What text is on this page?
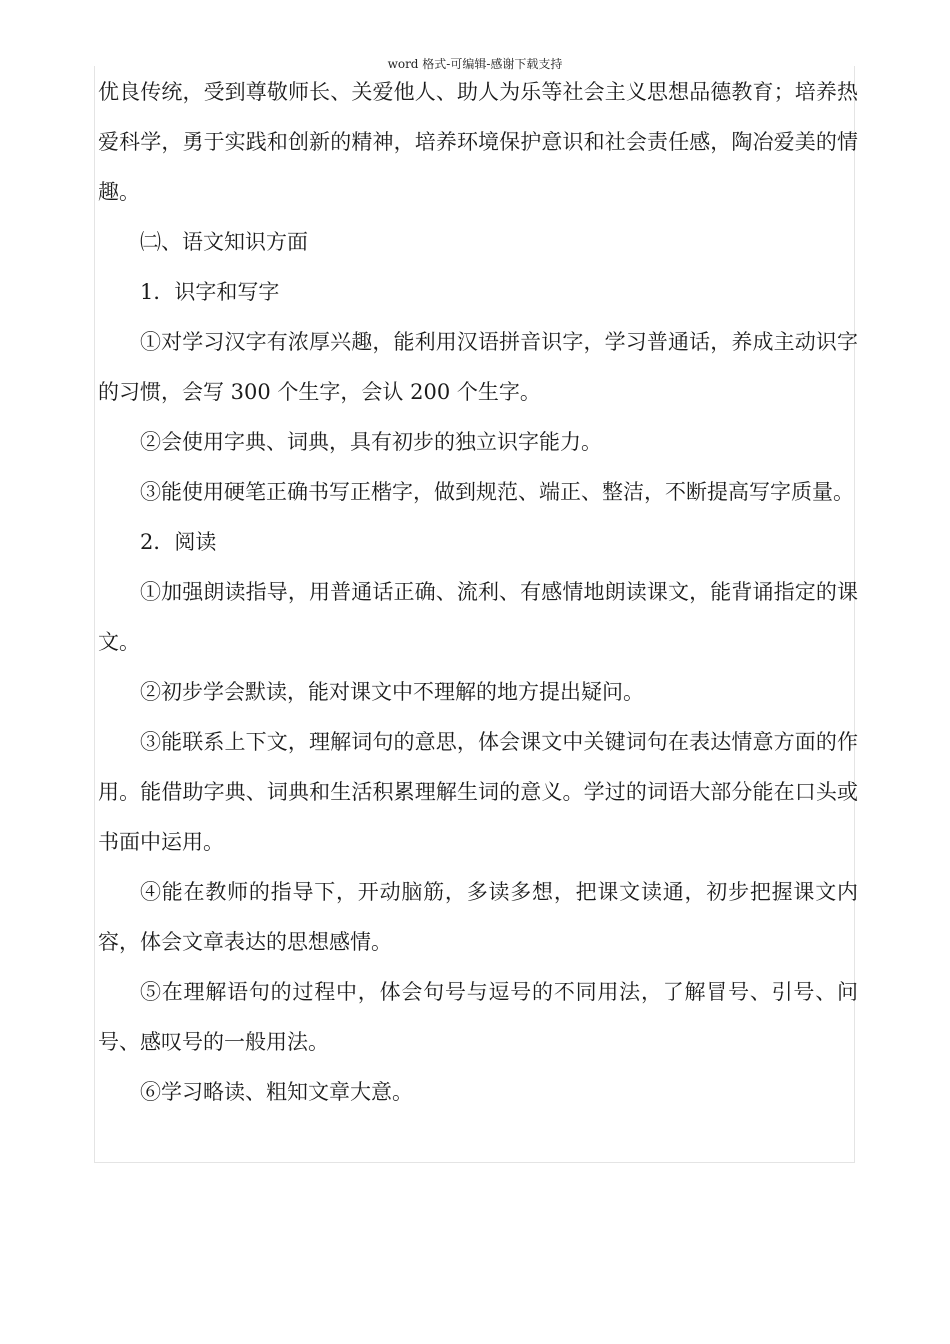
word 格式-可编辑-感谢下载支持

优良传统，受到尊敬师长、关爱他人、助人为乐等社会主义思想品德教育；培养热爱科学，勇于实践和创新的精神，培养环境保护意识和社会责任感，陶冶爱美的情趣。

㈡、语文知识方面

1．识字和写字

①对学习汉字有浓厚兴趣，能利用汉语拼音识字，学习普通话，养成主动识字的习惯，会写 300 个生字，会认 200 个生字。

②会使用字典、词典，具有初步的独立识字能力。

③能使用硬笔正确书写正楷字，做到规范、端正、整洁，不断提高写字质量。

2．阅读

①加强朗读指导，用普通话正确、流利、有感情地朗读课文，能背诵指定的课文。

②初步学会默读，能对课文中不理解的地方提出疑问。

③能联系上下文，理解词句的意思，体会课文中关键词句在表达情意方面的作用。能借助字典、词典和生活积累理解生词的意义。学过的词语大部分能在口头或书面中运用。

④能在教师的指导下，开动脑筋，多读多想，把课文读通，初步把握课文内容，体会文章表达的思想感情。

⑤在理解语句的过程中，体会句号与逗号的不同用法，了解冒号、引号、问号、感叹号的一般用法。

⑥学习略读、粗知文章大意。
